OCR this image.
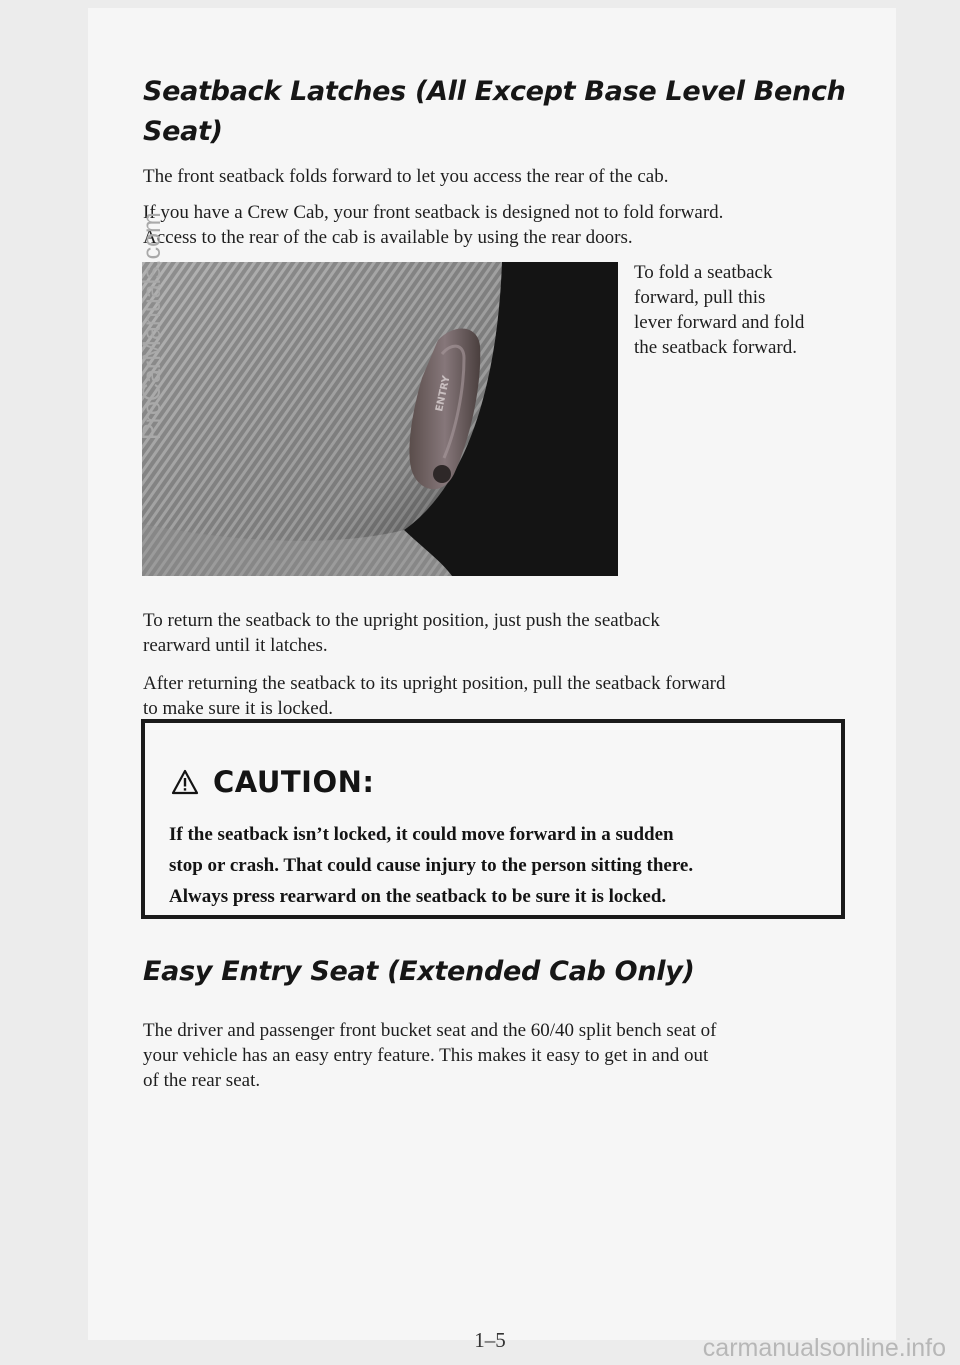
Seatback Latches (All Except Base Level Bench
Seat)

The front seatback folds forward to let you access the rear of the cab.

If you have a Crew Cab, your front seatback is designed not to fold forward.
Access to the rear of the cab is available by using the rear doors.

ENTRY

To fold a seatback
forward, pull this
lever forward and fold
the seatback forward.

To return the seatback to the upright position, just push the seatback
rearward until it latches.

After returning the seatback to its upright position, pull the seatback forward
to make sure it is locked.

CAUTION:

If the seatback isn’t locked, it could move forward in a sudden
stop or crash. That could cause injury to the person sitting there.
Always press rearward on the seatback to be sure it is locked.

Easy Entry Seat (Extended Cab Only)

The driver and passenger front bucket seat and the 60/40 split bench seat of
your vehicle has an easy entry feature. This makes it easy to get in and out
of the rear seat.

1–5
ProCarManuals.com
carmanualsonline.info
